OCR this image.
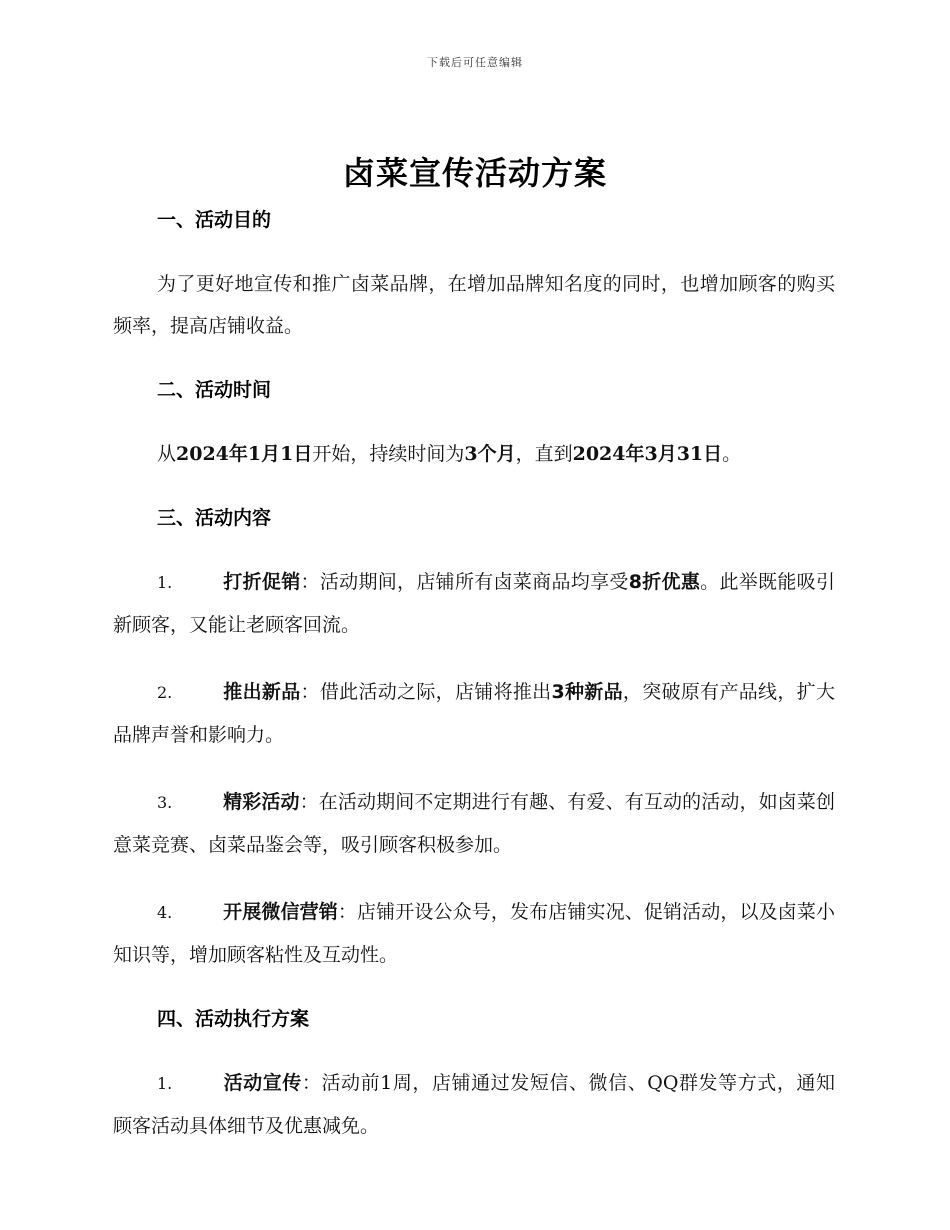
下载后可任意编辑
卤菜宣传活动方案
一、活动目的

为了更好地宣传和推广卤菜品牌，在增加品牌知名度的同时，也增加顾客的购买频率，提高店铺收益。

二、活动时间

从2024年1月1日开始，持续时间为3个月，直到2024年3月31日。

三、活动内容

1.	打折促销：活动期间，店铺所有卤菜商品均享受8折优惠。此举既能吸引新顾客，又能让老顾客回流。

2.	推出新品：借此活动之际，店铺将推出3种新品，突破原有产品线，扩大品牌声誉和影响力。

3.	精彩活动：在活动期间不定期进行有趣、有爱、有互动的活动，如卤菜创意菜竞赛、卤菜品鉴会等，吸引顾客积极参加。

4.	开展微信营销：店铺开设公众号，发布店铺实况、促销活动，以及卤菜小知识等，增加顾客粘性及互动性。

四、活动执行方案

1.	活动宣传：活动前1周，店铺通过发短信、微信、QQ群发等方式，通知顾客活动具体细节及优惠减免。
